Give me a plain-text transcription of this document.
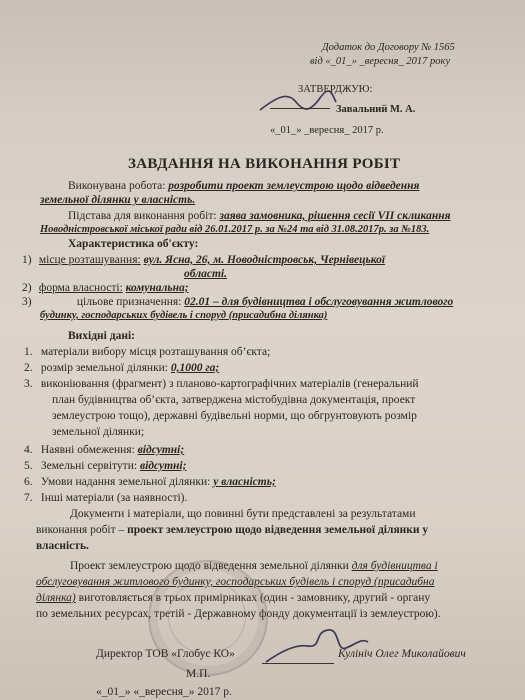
Додаток до Договору № 1565
від «_01_» _вересня_ 2017 року
ЗАТВЕРДЖУЮ:
Завальний М. А.
«_01_» _вересня_ 2017 р.
ЗАВДАННЯ НА ВИКОНАННЯ РОБІТ
Виконувана робота: розробити проект землеустрою щодо відведення
земельної ділянки у власність.
Підстава для виконання робіт: заява замовника, рішення сесії VII скликання
Новодністровської міської ради від 26.01.2017 р. за №24 та від 31.08.2017р. за №183.
Характеристика об'єкту:
1) місце розташування: вул. Ясна, 26, м. Новодністровськ, Чернівецької
області.
2) форма власності: комунальна;
3)	цільове призначення: 02.01 – для будівництва і обслуговування житлового
будинку, господарських будівель і споруд (присадибна ділянка)
Вихідні дані:
1. матеріали вибору місця розташування об’єкта;
2. розмір земельної ділянки: 0,1000 га;
3. виконіювання (фрагмент) з планово-картографічних матеріалів (генеральний
план будівництва об’єкта, затверджена містобудівна документація, проект
землеустрою тощо), державні будівельні норми, що обгрунтовують розмір
земельної ділянки;
4. Наявні обмеження: відсутні;
5. Земельні сервітути: відсутні;
6. Умови надання земельної ділянки: у власність;
7. Інші матеріали (за наявності).
Документи і матеріали, що повинні бути представлені за результатами
виконання робіт – проект землеустрою щодо відведення земельної ділянки у
власність.
Проект землеустрою щодо відведення земельної ділянки для будівництва і
обслуговування житлового будинку, господарських будівель і споруд (присадибна
ділянка) виготовляється в трьох примірниках (один - замовнику, другий - органу
по земельних ресурсах, третій - Державному фонду документації із землеустрою).
Директор ТОВ «Глобус КО»	Кулініч Олег Миколайович
М.П.
«_01_» «_вересня_» 2017 р.
